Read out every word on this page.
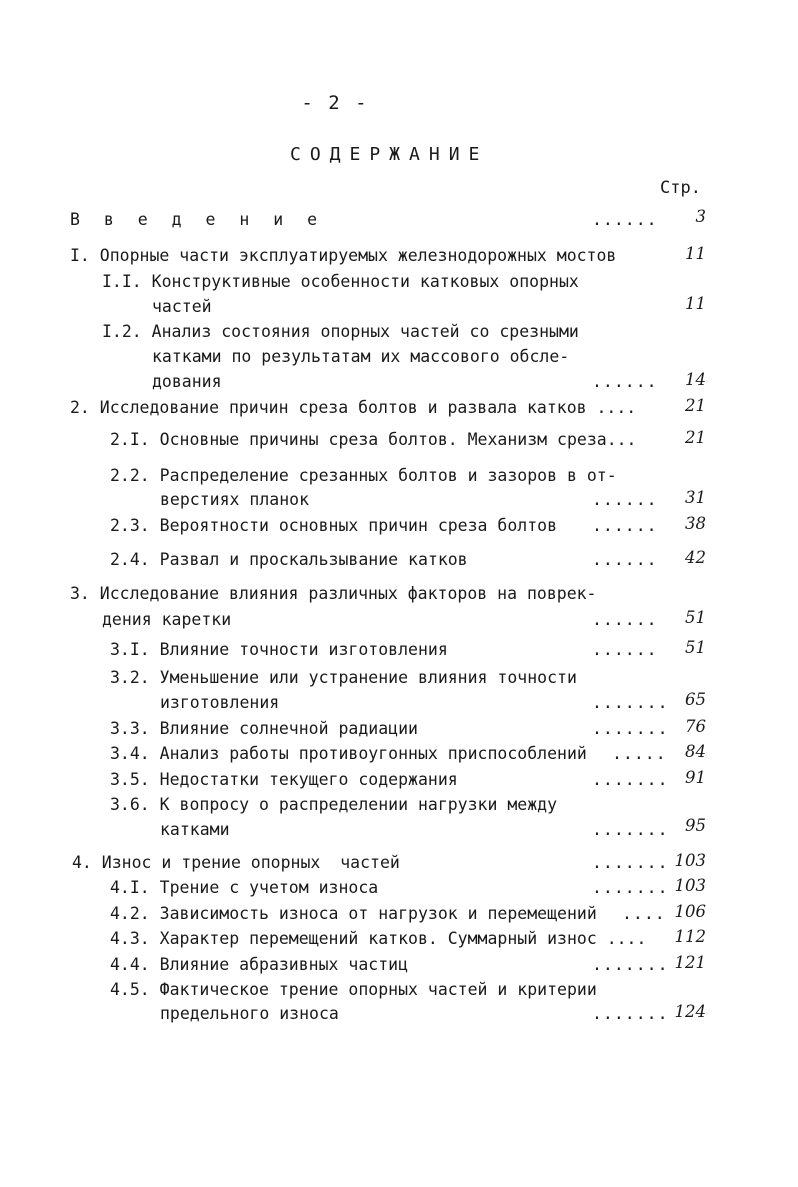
- 2 -
СОДЕРЖАНИЕ
Стр.
В в е д е н и е	......	3
I. Опорные части эксплуатируемых железнодорожных мостов	11
I.I. Конструктивные особенности катковых опорных
частей	11
I.2. Анализ состояния опорных частей со срезными
катками по результатам их массового обсле-
дования	......	14
2. Исследование причин среза болтов и развала катков ....	21
2.I. Основные причины среза болтов. Механизм среза...	21
2.2. Распределение срезанных болтов и зазоров в от-
верстиях планок	......	31
2.3. Вероятности основных причин среза болтов ......	38
2.4. Развал и проскальзывание катков	......	42
3. Исследование влияния различных факторов на поврек-
дения каретки	......	51
3.I. Влияние точности изготовления	......	51
3.2. Уменьшение или устранение влияния точности
изготовления	....... 65
3.3. Влияние солнечной радиации	....... 76
3.4. Анализ работы противоугонных приспособлений .....	84
3.5. Недостатки текущего содержания	....... 91
3.6. К вопросу о распределении нагрузки между
катками	....... 95
4. Износ и трение опорных  частей	....... 103
4.I. Трение с учетом износа	....... 103
4.2. Зависимость износа от нагрузок и перемещений .... 106
4.3. Характер перемещений катков. Суммарный износ ....	112
4.4. Влияние абразивных частиц	....... 121
4.5. Фактическое трение опорных частей и критерии
предельного износа	....... 124
